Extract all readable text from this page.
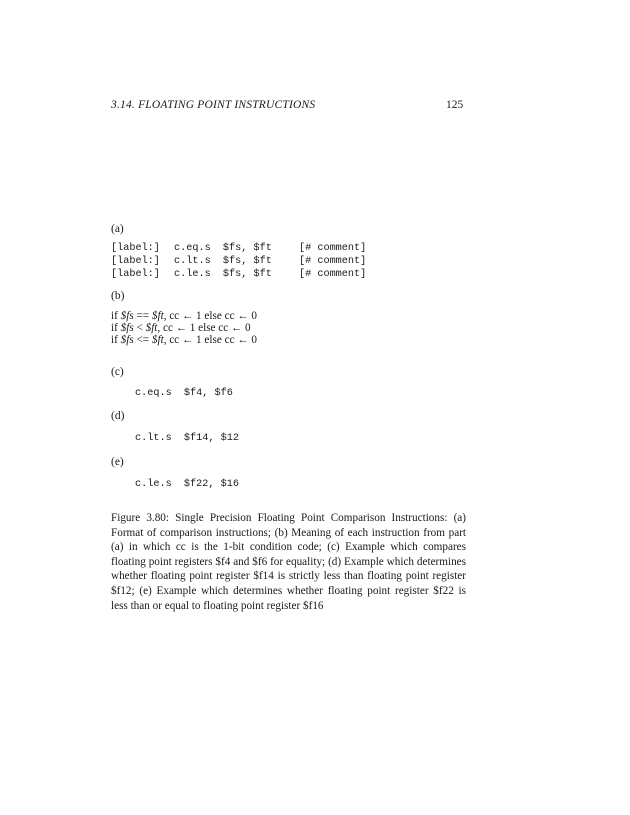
3.14. FLOATING POINT INSTRUCTIONS	125
(a)
[label:] c.eq.s  $fs, $ft	[# comment]
[label:] c.lt.s  $fs, $ft	[# comment]
[label:] c.le.s  $fs, $ft	[# comment]
(b)
if $fs == $ft, cc ← 1 else cc ← 0
if $fs < $ft, cc ← 1 else cc ← 0
if $fs <= $ft, cc ← 1 else cc ← 0
(c)
c.eq.s  $f4, $f6
(d)
c.lt.s  $f14, $12
(e)
c.le.s  $f22, $16
Figure 3.80: Single Precision Floating Point Comparison Instructions: (a) Format of comparison instructions; (b) Meaning of each instruction from part (a) in which cc is the 1-bit condition code; (c) Example which compares floating point registers $f4 and $f6 for equality; (d) Example which determines whether floating point register $f14 is strictly less than floating point register $f12; (e) Example which determines whether floating point register $f22 is less than or equal to floating point register $f16
